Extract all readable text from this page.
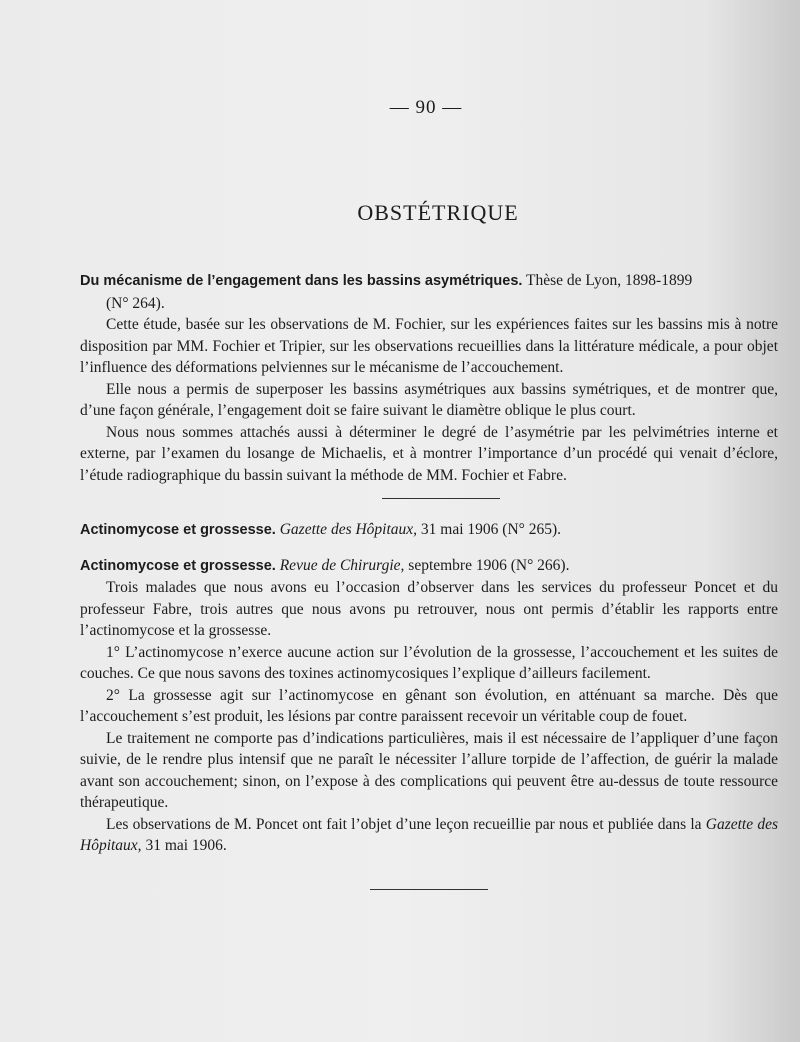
— 90 —
OBSTÉTRIQUE

Du mécanisme de l’engagement dans les bassins asymétriques. Thèse de Lyon, 1898-1899
(N° 264).

Cette étude, basée sur les observations de M. Fochier, sur les expériences faites sur les bassins mis à notre disposition par MM. Fochier et Tripier, sur les observations recueillies dans la littérature médicale, a pour objet l’influence des déformations pelviennes sur le mécanisme de l’accouchement.

Elle nous a permis de superposer les bassins asymétriques aux bassins symétriques, et de montrer que, d’une façon générale, l’engagement doit se faire suivant le diamètre oblique le plus court.

Nous nous sommes attachés aussi à déterminer le degré de l’asymétrie par les pelvimétries interne et externe, par l’examen du losange de Michaelis, et à montrer l’importance d’un procédé qui venait d’éclore, l’étude radiographique du bassin suivant la méthode de MM. Fochier et Fabre.

Actinomycose et grossesse. Gazette des Hôpitaux, 31 mai 1906 (N° 265).

Actinomycose et grossesse. Revue de Chirurgie, septembre 1906 (N° 266).

Trois malades que nous avons eu l’occasion d’observer dans les services du professeur Poncet et du professeur Fabre, trois autres que nous avons pu retrouver, nous ont permis d’établir les rapports entre l’actinomycose et la grossesse.

1° L’actinomycose n’exerce aucune action sur l’évolution de la grossesse, l’accouchement et les suites de couches. Ce que nous savons des toxines actinomycosiques l’explique d’ailleurs facilement.

2° La grossesse agit sur l’actinomycose en gênant son évolution, en atténuant sa marche. Dès que l’accouchement s’est produit, les lésions par contre paraissent recevoir un véritable coup de fouet.

Le traitement ne comporte pas d’indications particulières, mais il est nécessaire de l’appliquer d’une façon suivie, de le rendre plus intensif que ne paraît le nécessiter l’allure torpide de l’affection, de guérir la malade avant son accouchement; sinon, on l’expose à des complications qui peuvent être au-dessus de toute ressource thérapeutique.

Les observations de M. Poncet ont fait l’objet d’une leçon recueillie par nous et publiée dans la Gazette des Hôpitaux, 31 mai 1906.
